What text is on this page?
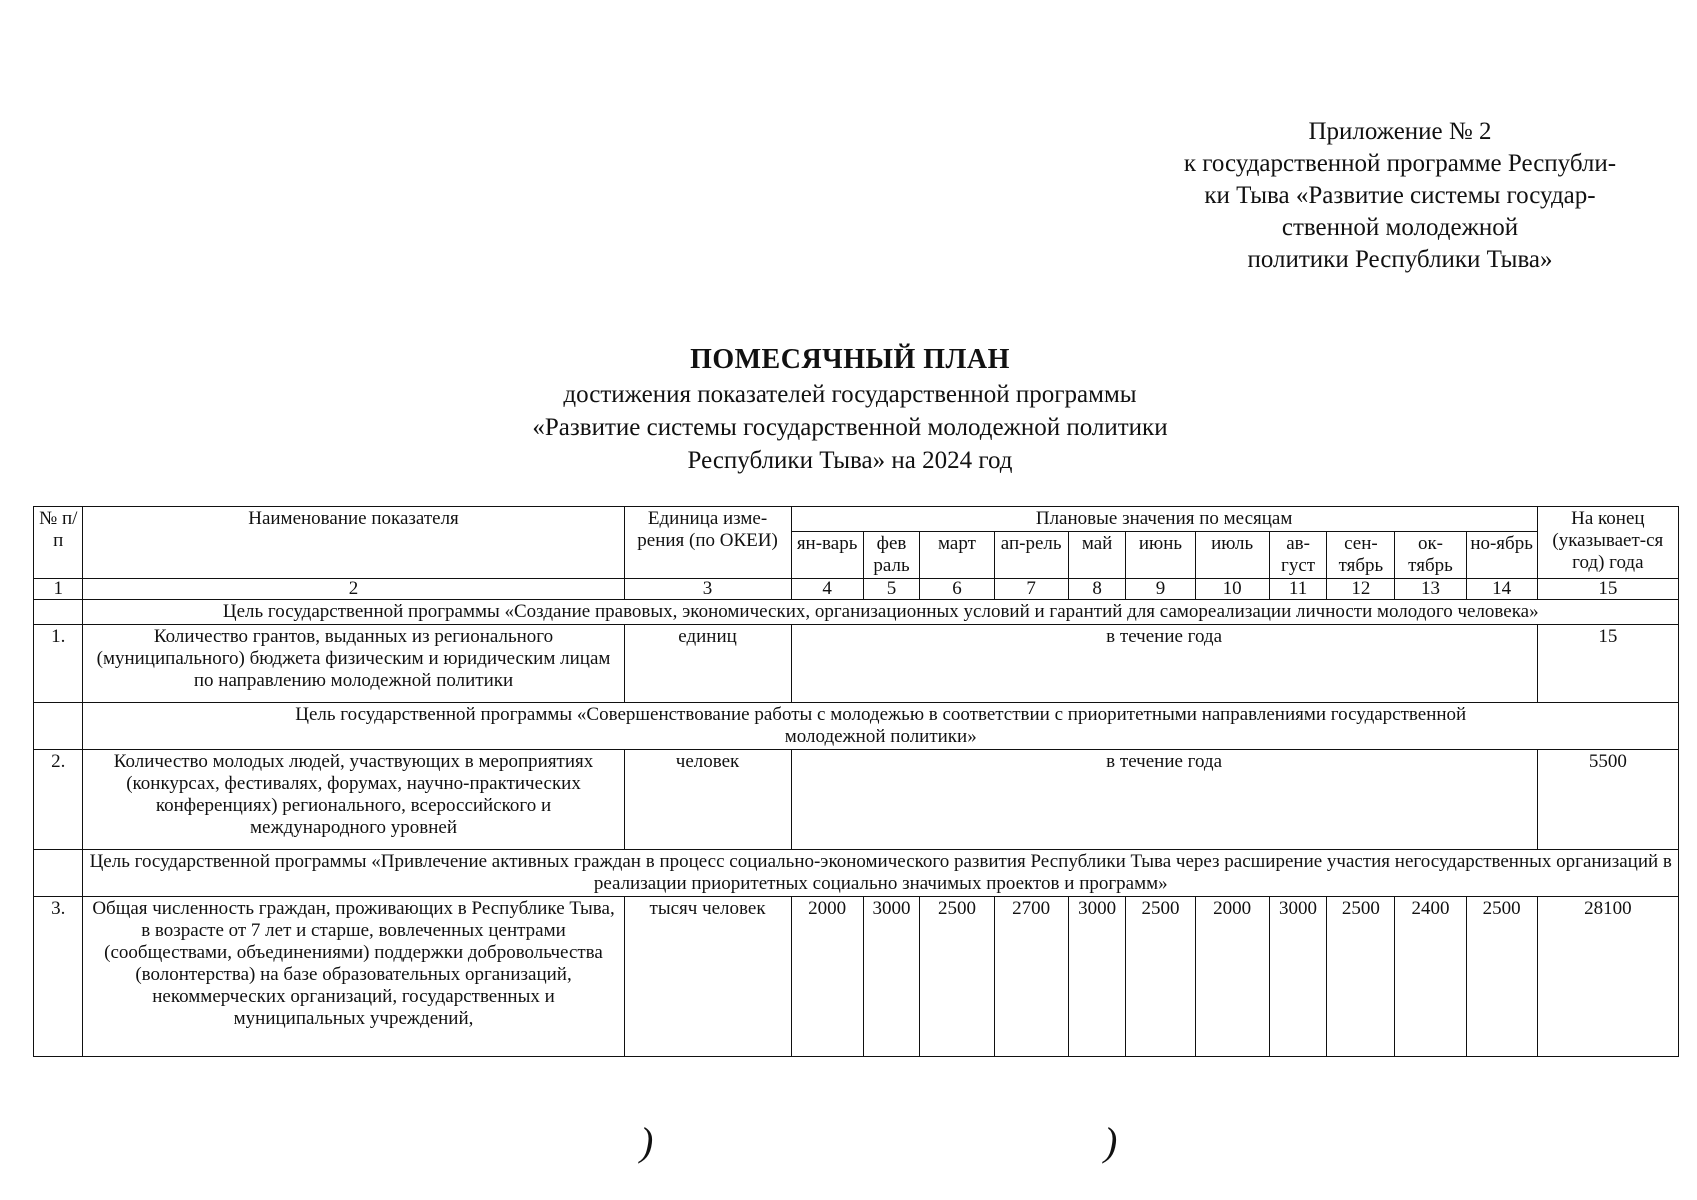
Приложение № 2
к государственной программе Республи-
ки Тыва «Развитие системы государ-
ственной молодежной
политики Республики Тыва»
ПОМЕСЯЧНЫЙ ПЛАН
достижения показателей государственной программы
«Развитие системы государственной молодежной политики
Республики Тыва» на 2024 год
№ п/п	Наименование показателя	Единица изме-рения (по ОКЕИ)	Плановые значения по месяцам											На конец (указывает-ся год) года
			ян-варь	фев раль	март	ап-рель	май	июнь	июль	ав-густ	сен-тябрь	ок-тябрь	но-ябрь	
1	2	3	4	5	6	7	8	9	10	11	12	13	14	15
	Цель государственной программы «Создание правовых, экономических, организационных условий и гарантий для самореализации личности молодого человека»													
1.	Количество грантов, выданных из регионального (муниципального) бюджета физическим и юридическим лицам по направлению молодежной политики	единиц	в течение года											15
	Цель государственной программы «Совершенствование работы с молодежью в соответствии с приоритетными направлениями государственной молодежной политики»													
2.	Количество молодых людей, участвующих в мероприятиях (конкурсах, фестивалях, форумах, научно-практических конференциях) регионального, всероссийского и международного уровней	человек	в течение года											5500
	Цель государственной программы «Привлечение активных граждан в процесс социально-экономического развития Республики Тыва через расширение участия негосударственных организаций в реализации приоритетных социально значимых проектов и программ»													
3.	Общая численность граждан, проживающих в Республике Тыва, в возрасте от 7 лет и старше, вовлеченных центрами (сообществами, объединениями) поддержки добровольчества (волонтерства) на базе образовательных организаций, некоммерческих организаций, государственных и муниципальных учреждений,	тысяч человек	2000	3000	2500	2700	3000	2500	2000	3000	2500	2400	2500	28100
)	)
